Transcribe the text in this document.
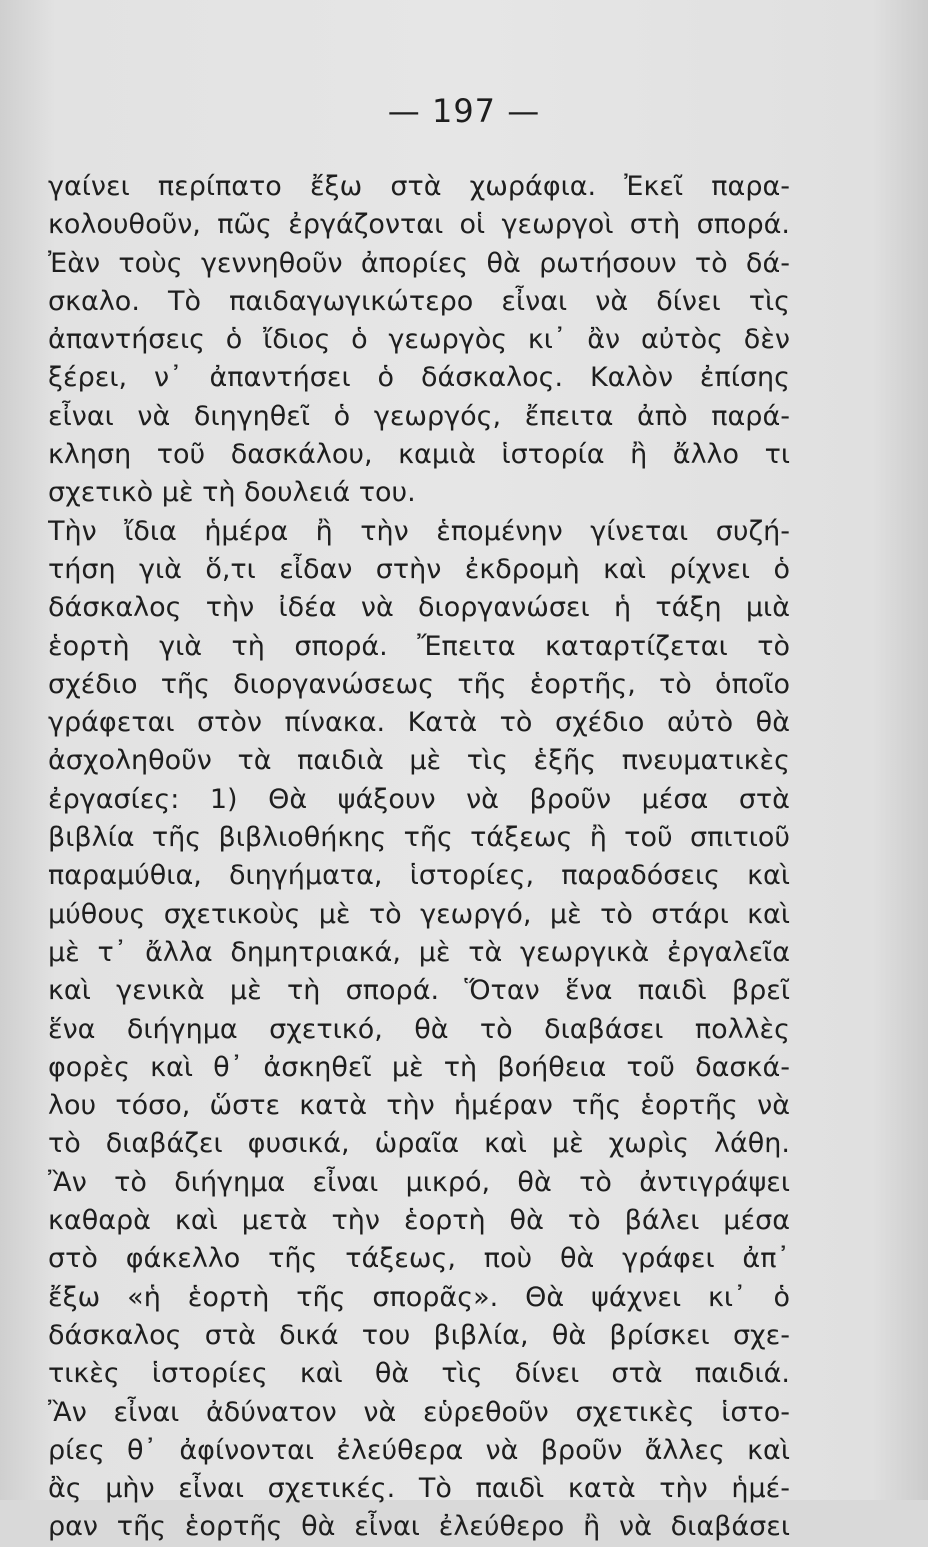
— 197 —
γαίνει περίπατο ἔξω στὰ χωράφια. Ἐκεῖ παρα-
κολουθοῦν, πῶς ἐργάζονται οἱ γεωργοὶ στὴ σπορά.
Ἐὰν τοὺς γεννηθοῦν ἀπορίες θὰ ρωτήσουν τὸ δά-
σκαλο. Τὸ παιδαγωγικώτερο εἶναι νὰ δίνει τὶς
ἀπαντήσεις ὁ ἴδιος ὁ γεωργὸς κι᾽ ἂν αὐτὸς δὲν
ξέρει, ν᾽ ἀπαντήσει ὁ δάσκαλος. Καλὸν ἐπίσης
εἶναι νὰ διηγηθεῖ ὁ γεωργός, ἔπειτα ἀπὸ παρά-
κληση τοῦ δασκάλου, καμιὰ ἱστορία ἢ ἄλλο τι
σχετικὸ μὲ τὴ δουλειά του.
Τὴν ἴδια ἡμέρα ἢ τὴν ἑπομένην γίνεται συζή-
τήση γιὰ ὅ,τι εἶδαν στὴν ἐκδρομὴ καὶ ρίχνει ὁ
δάσκαλος τὴν ἰδέα νὰ διοργανώσει ἡ τάξη μιὰ
ἑορτὴ γιὰ τὴ σπορά. Ἔπειτα καταρτίζεται τὸ
σχέδιο τῆς διοργανώσεως τῆς ἑορτῆς, τὸ ὁποῖο
γράφεται στὸν πίνακα. Κατὰ τὸ σχέδιο αὐτὸ θὰ
ἀσχοληθοῦν τὰ παιδιὰ μὲ τὶς ἑξῆς πνευματικὲς
ἐργασίες: 1) Θὰ ψάξουν νὰ βροῦν μέσα στὰ
βιβλία τῆς βιβλιοθήκης τῆς τάξεως ἢ τοῦ σπιτιοῦ
παραμύθια, διηγήματα, ἱστορίες, παραδόσεις καὶ
μύθους σχετικοὺς μὲ τὸ γεωργό, μὲ τὸ στάρι καὶ
μὲ τ᾽ ἄλλα δημητριακά, μὲ τὰ γεωργικὰ ἐργαλεῖα
καὶ γενικὰ μὲ τὴ σπορά. Ὅταν ἕνα παιδὶ βρεῖ
ἕνα διήγημα σχετικό, θὰ τὸ διαβάσει πολλὲς
φορὲς καὶ θ᾽ ἀσκηθεῖ μὲ τὴ βοήθεια τοῦ δασκά-
λου τόσο, ὥστε κατὰ τὴν ἡμέραν τῆς ἑορτῆς νὰ
τὸ διαβάζει φυσικά, ὡραῖα καὶ μὲ χωρὶς λάθη.
Ἂν τὸ διήγημα εἶναι μικρό, θὰ τὸ ἀντιγράψει
καθαρὰ καὶ μετὰ τὴν ἑορτὴ θὰ τὸ βάλει μέσα
στὸ φάκελλο τῆς τάξεως, ποὺ θὰ γράφει ἀπ᾽
ἔξω «ἡ ἑορτὴ τῆς σπορᾶς». Θὰ ψάχνει κι᾽ ὁ
δάσκαλος στὰ δικά του βιβλία, θὰ βρίσκει σχε-
τικὲς ἱστορίες καὶ θὰ τὶς δίνει στὰ παιδιά.
Ἂν εἶναι ἀδύνατον νὰ εὑρεθοῦν σχετικὲς ἱστο-
ρίες θ᾽ ἀφίνονται ἐλεύθερα νὰ βροῦν ἄλλες καὶ
ἂς μὴν εἶναι σχετικές. Τὸ παιδὶ κατὰ τὴν ἡμέ-
ραν τῆς ἑορτῆς θὰ εἶναι ἐλεύθερο ἢ νὰ διαβάσει
